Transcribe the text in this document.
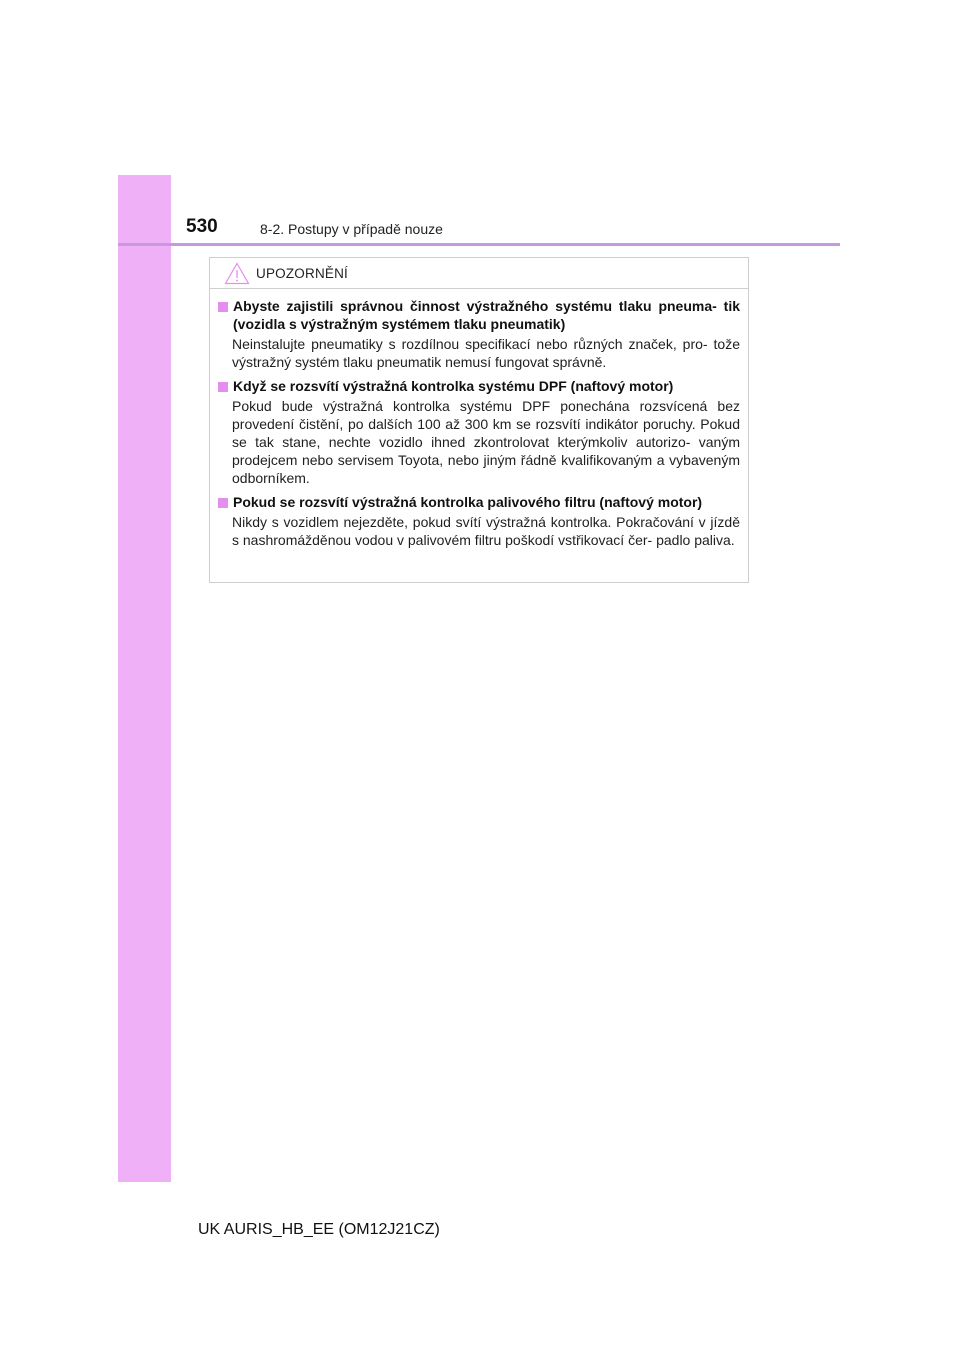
530	8-2. Postupy v případě nouze
UPOZORNĚNÍ
Abyste zajistili správnou činnost výstražného systému tlaku pneuma- tik (vozidla s výstražným systémem tlaku pneumatik)
Neinstalujte pneumatiky s rozdílnou specifikací nebo různých značek, pro- tože výstražný systém tlaku pneumatik nemusí fungovat správně.
Když se rozsvítí výstražná kontrolka systému DPF (naftový motor)
Pokud bude výstražná kontrolka systému DPF ponechána rozsvícená bez provedení čistění, po dalších 100 až 300 km se rozsvítí indikátor poruchy. Pokud se tak stane, nechte vozidlo ihned zkontrolovat kterýmkoliv autorizo- vaným prodejcem nebo servisem Toyota, nebo jiným řádně kvalifikovaným a vybaveným odborníkem.
Pokud se rozsvítí výstražná kontrolka palivového filtru (naftový motor)
Nikdy s vozidlem nejezděte, pokud svítí výstražná kontrolka. Pokračování v jízdě s nashromážděnou vodou v palivovém filtru poškodí vstřikovací čer- padlo paliva.
UK AURIS_HB_EE (OM12J21CZ)
